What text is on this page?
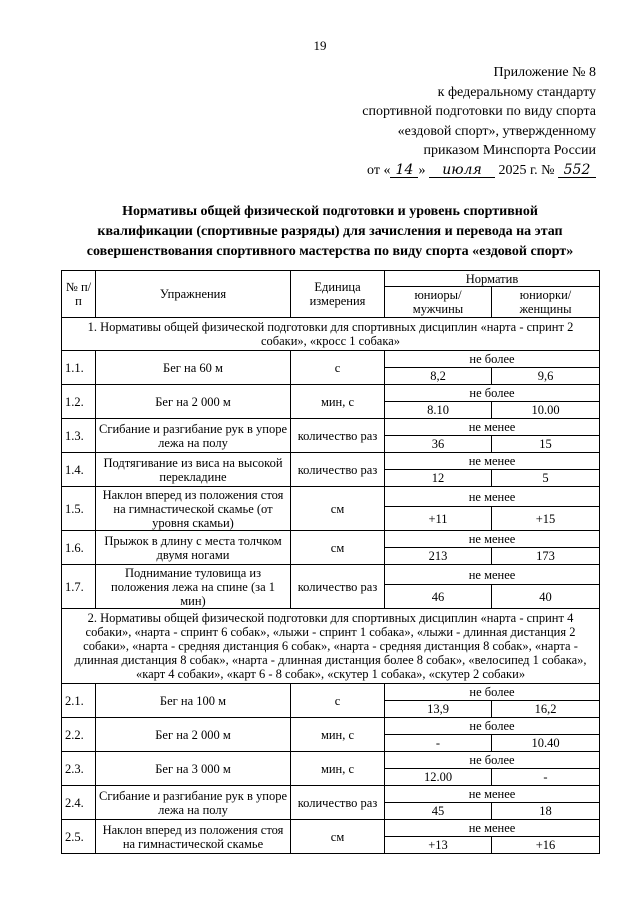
19
Приложение № 8
к федеральному стандарту
спортивной подготовки по виду спорта
«ездовой спорт», утвержденному
приказом Минспорта России
от « 14 » июля 2025 г. № 552
Нормативы общей физической подготовки и уровень спортивной
квалификации (спортивные разряды) для зачисления и перевода на этап
совершенствования спортивного мастерства по виду спорта «ездовой спорт»
№ п/п	Упражнения	Единица измерения	Норматив	
			юниоры/ мужчины	юниорки/ женщины
1. Нормативы общей физической подготовки для спортивных дисциплин «нарта - спринт 2 собаки», «кросс 1 собака»				
1.1.	Бег на 60 м	с	не более	
			8,2	9,6
1.2.	Бег на 2 000 м	мин, с	не более	
			8.10	10.00
1.3.	Сгибание и разгибание рук в упоре лежа на полу	количество раз	не менее	
			36	15
1.4.	Подтягивание из виса на высокой перекладине	количество раз	не менее	
			12	5
1.5.	Наклон вперед из положения стоя на гимнастической скамье (от уровня скамьи)	см	не менее	
			+11	+15
1.6.	Прыжок в длину с места толчком двумя ногами	см	не менее	
			213	173
1.7.	Поднимание туловища из положения лежа на спине (за 1 мин)	количество раз	не менее	
			46	40
2. Нормативы общей физической подготовки для спортивных дисциплин «нарта - спринт 4 собаки», «нарта - спринт 6 собак», «лыжи - спринт 1 собака», «лыжи - длинная дистанция 2 собаки», «нарта - средняя дистанция 6 собак», «нарта - средняя дистанция 8 собак», «нарта - длинная дистанция 8 собак», «нарта - длинная дистанция более 8 собак», «велосипед 1 собака», «карт 4 собаки», «карт 6 - 8 собак», «скутер 1 собака», «скутер 2 собаки»				
2.1.	Бег на 100 м	с	не более	
			13,9	16,2
2.2.	Бег на 2 000 м	мин, с	не более	
			-	10.40
2.3.	Бег на 3 000 м	мин, с	не более	
			12.00	-
2.4.	Сгибание и разгибание рук в упоре лежа на полу	количество раз	не менее	
			45	18
2.5.	Наклон вперед из положения стоя на гимнастической скамье	см	не менее	
			+13	+16
